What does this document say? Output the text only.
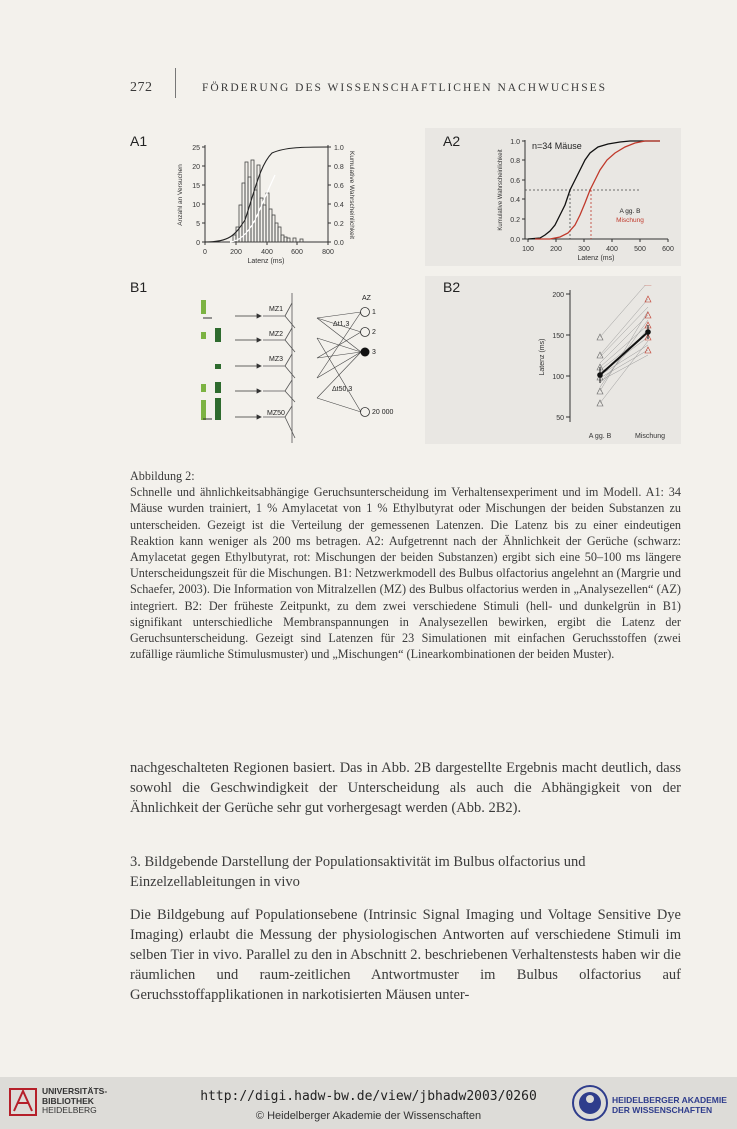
272	FÖRDERUNG DES WISSENSCHAFTLICHEN NACHWUCHSES
A1	A2
B1	B2
0
5
10
15
20
25
0.0
0.2
0.4
0.6
0.8
1.0
0	200	400	600	800
Latenz (ms)
Anzahl an Versuchen	Kumulative Wahrscheinlichkeit
0.0
0.2
0.4
0.6
0.8
1.0
100 200 300 400 500 600
Latenz (ms)
Kumulative Wahrscheinlichkeit
n=34 Mäuse
A gg. B
Mischung
MZ1
MZ2
MZ3
MZ50
AZ
Δt1,3
Δt50,3
1
2
3
20 000
50
100
150
200
Latenz (ms)
A gg. B	Mischung

Abbildung 2:

Schnelle und ähnlichkeitsabhängige Geruchsunterscheidung im Verhaltensexperiment und im Modell. A1: 34 Mäuse wurden trainiert, 1 % Amylacetat von 1 % Ethylbutyrat oder Mischungen der beiden Substanzen zu unterscheiden. Gezeigt ist die Verteilung der gemessenen Latenzen. Die Latenz bis zu einer eindeutigen Reaktion kann weniger als 200 ms betragen. A2: Aufgetrennt nach der Ähnlichkeit der Gerüche (schwarz: Amylacetat gegen Ethylbutyrat, rot: Mischungen der beiden Substanzen) ergibt sich eine 50–100 ms längere Unterscheidungszeit für die Mischungen. B1: Netzwerkmodell des Bulbus olfactorius angelehnt an (Margrie und Schaefer, 2003). Die Information von Mitralzellen (MZ) des Bulbus olfactorius werden in „Analysezellen“ (AZ) integriert. B2: Der früheste Zeitpunkt, zu dem zwei verschiedene Stimuli (hell- und dunkelgrün in B1) signifikant unterschiedliche Membranspannungen in Analysezellen bewirken, ergibt die Latenz der Geruchsunterscheidung. Gezeigt sind Latenzen für 23 Simulationen mit einfachen Geruchsstoffen (zwei zufällige räumliche Stimulusmuster) und „Mischungen“ (Linearkombinationen der beiden Muster).

nachgeschalteten Regionen basiert. Das in Abb. 2B dargestellte Ergebnis macht deutlich, dass sowohl die Geschwindigkeit der Unterscheidung als auch die Abhängigkeit von der Ähnlichkeit der Gerüche sehr gut vorhergesagt werden (Abb. 2B2).
3. Bildgebende Darstellung der Populationsaktivität im Bulbus olfactorius und Einzelzellableitungen in vivo
Die Bildgebung auf Populationsebene (Intrinsic Signal Imaging und Voltage Sensitive Dye Imaging) erlaubt die Messung der physiologischen Antworten auf verschiedene Stimuli im selben Tier in vivo. Parallel zu den in Abschnitt 2. beschriebenen Verhaltenstests haben wir die räumlichen und raum-zeitlichen Antwortmuster im Bulbus olfactorius auf Geruchsstoffapplikationen in narkotisierten Mäusen unter-
UNIVERSITÄTS-
BIBLIOTHEK
HEIDELBERG
http://digi.hadw-bw.de/view/jbhadw2003/0260
© Heidelberger Akademie der Wissenschaften
HEIDELBERGER AKADEMIE
DER WISSENSCHAFTEN
